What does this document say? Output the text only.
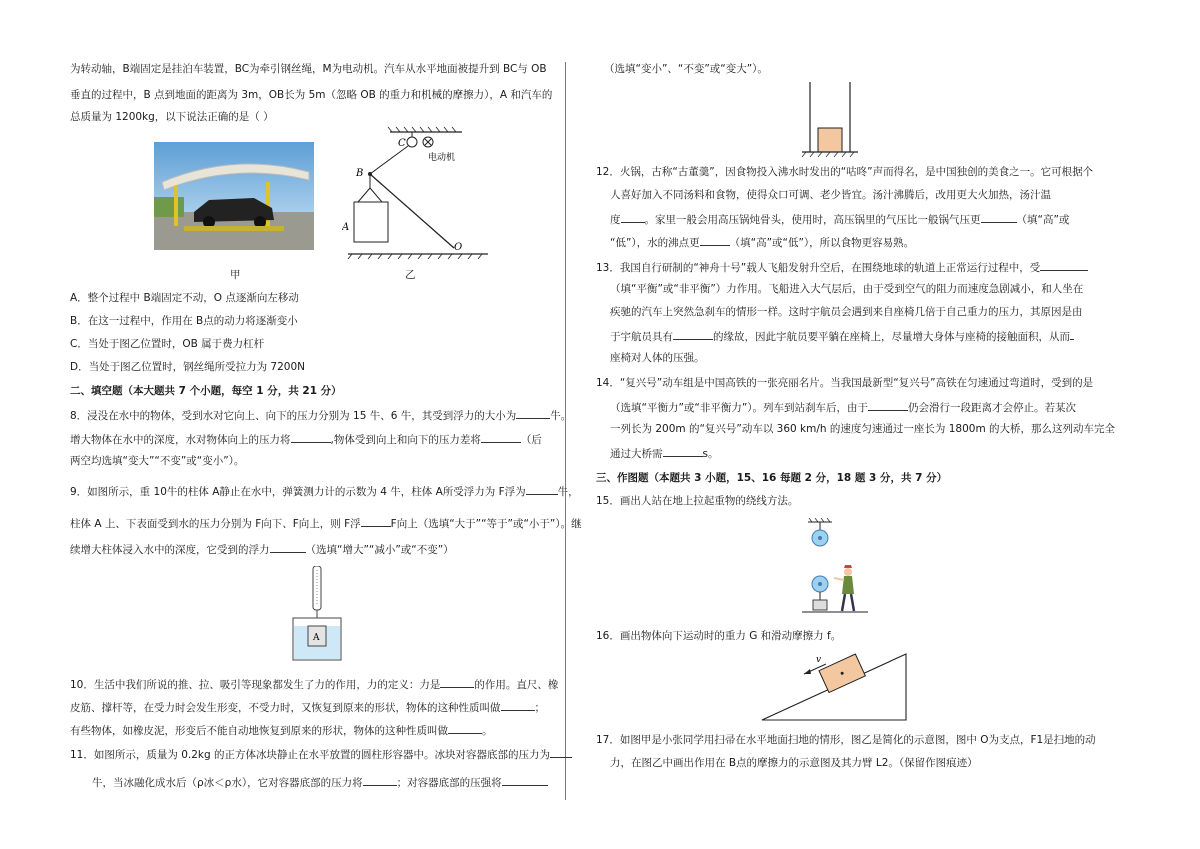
为转动轴，B端固定是挂泊车装置，BC为牵引钢丝绳，M为电动机。汽车从水平地面被提升到 BC与 OB
垂直的过程中，B 点到地面的距离为 3m，OB长为 5m（忽略 OB 的重力和机械的摩擦力），A 和汽车的
总质量为 1200kg，以下说法正确的是（ ）
甲
C
电动机
B
A
O
乙
A．整个过程中 B端固定不动，O 点逐渐向左移动
B．在这一过程中，作用在 B点的动力将逐渐变小
C．当处于图乙位置时，OB 属于费力杠杆
D．当处于图乙位置时，钢丝绳所受拉力为 7200N
二、填空题（本大题共 7 个小题，每空 1 分，共 21 分）
8．浸没在水中的物体，受到水对它向上、向下的压力分别为 15 牛、6 牛，其受到浮力的大小为	牛。
增大物体在水中的深度，水对物体向上的压力将	,物体受到向上和向下的压力差将	（后
两空均选填“变大”“不变”或“变小”）。
9．如图所示，重 10牛的柱体 A静止在水中，弹簧测力计的示数为 4 牛，柱体 A所受浮力为 F浮为	牛，
柱体 A 上、下表面受到水的压力分别为 F向下、F向上，则 F浮	F向上（选填“大于”“等于”或“小于”）。继
续增大柱体浸入水中的深度，它受到的浮力	（选填“增大”“减小”或“不变”）
A
10．生活中我们所说的推、拉、吸引等现象都发生了力的作用，力的定义：力是	的作用。直尺、橡
皮筋、撑杆等，在受力时会发生形变，不受力时，又恢复到原来的形状，物体的这种性质叫做	；
有些物体，如橡皮泥，形变后不能自动地恢复到原来的形状，物体的这种性质叫做	。
11．如图所示，质量为 0.2kg 的正方体冰块静止在水平放置的圆柱形容器中。冰块对容器底部的压力为
牛，当冰融化成水后（ρ冰＜ρ水），它对容器底部的压力将	；对容器底部的压强将
（选填“变小”、“不变”或“变大”）。
12．火锅，古称“古董羹”，因食物投入沸水时发出的“咕咚”声而得名，是中国独创的美食之一。它可根据个
人喜好加入不同汤料和食物，使得众口可调、老少皆宜。汤汁沸腾后，改用更大火加热，汤汁温
度 。家里一般会用高压锅炖骨头，使用时，高压锅里的气压比一般锅气压更	（填“高”或
“低”），水的沸点更	（填“高”或“低”），所以食物更容易熟。
13．我国自行研制的“神舟十号”载人飞船发射升空后，在围绕地球的轨道上正常运行过程中，受
（填“平衡”或“非平衡”）力作用。飞船进入大气层后，由于受到空气的阻力而速度急剧减小，和人坐在
疾驰的汽车上突然急刹车的情形一样。这时宇航员会遇到来自座椅几倍于自己重力的压力，其原因是由
于宇航员具有	的缘故，因此宇航员要平躺在座椅上，尽量增大身体与座椅的接触面积，从而
座椅对人体的压强。
14．“复兴号”动车组是中国高铁的一张亮丽名片。当我国最新型“复兴号”高铁在匀速通过弯道时，受到的是
（选填“平衡力”或“非平衡力”）。列车到站刹车后，由于	仍会滑行一段距离才会停止。若某次
一列长为 200m 的“复兴号”动车以 360 km/h 的速度匀速通过一座长为 1800m 的大桥，那么这列动车完全
通过大桥需	s。
三、作图题（本题共 3 小题，15、16 每题 2 分，18 题 3 分，共 7 分）
15．画出人站在地上拉起重物的绕线方法。
16．画出物体向下运动时的重力 G 和滑动摩擦力 f。
v
17．如图甲是小张同学用扫帚在水平地面扫地的情形，图乙是简化的示意图，图中 O为支点，F1是扫地的动
力，在图乙中画出作用在 B点的摩擦力的示意图及其力臂 L2。（保留作图痕迹）
